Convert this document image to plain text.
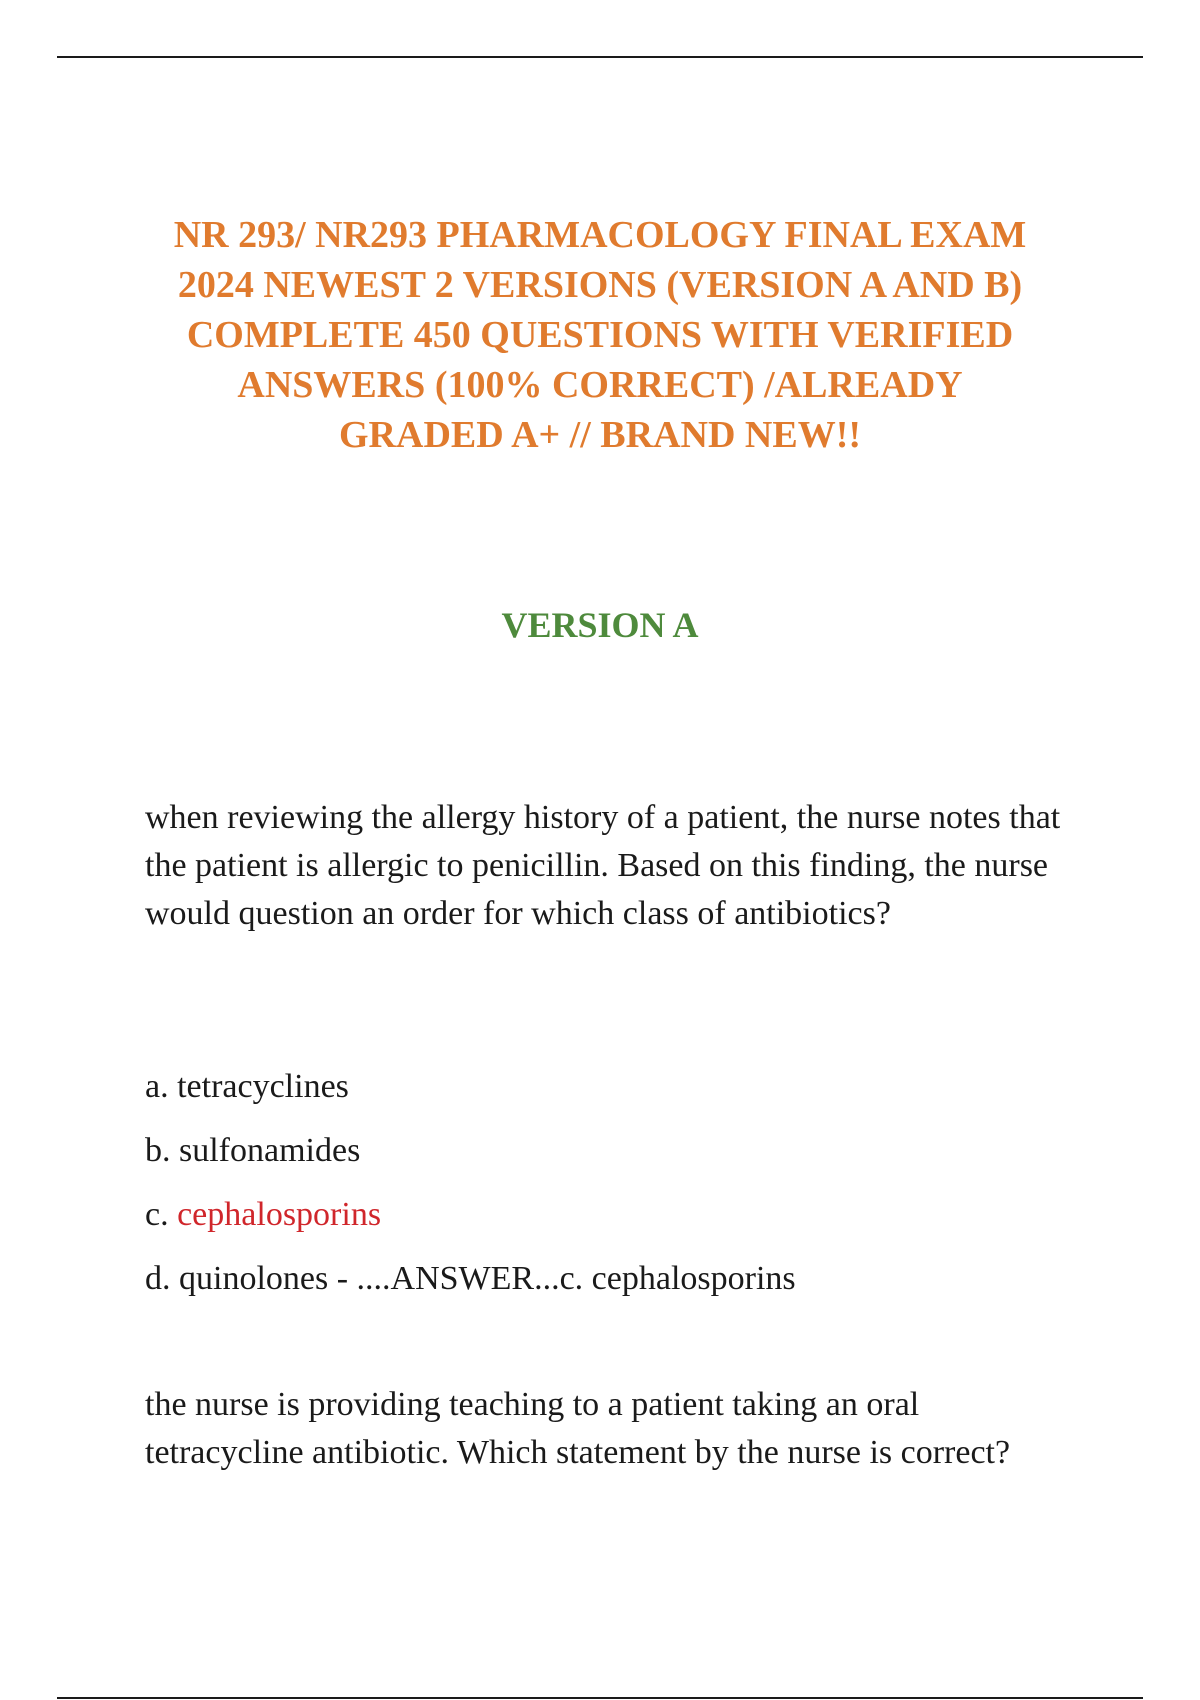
NR 293/ NR293 PHARMACOLOGY FINAL EXAM
2024 NEWEST 2 VERSIONS (VERSION A AND B)
COMPLETE 450 QUESTIONS WITH VERIFIED
ANSWERS (100% CORRECT) /ALREADY
GRADED A+ // BRAND NEW!!
VERSION A

when reviewing the allergy history of a patient, the nurse notes that the patient is allergic to penicillin. Based on this finding, the nurse would question an order for which class of antibiotics?

a. tetracyclines
b. sulfonamides
c. cephalosporins
d. quinolones - ....ANSWER...c. cephalosporins

the nurse is providing teaching to a patient taking an oral tetracycline antibiotic. Which statement by the nurse is correct?
